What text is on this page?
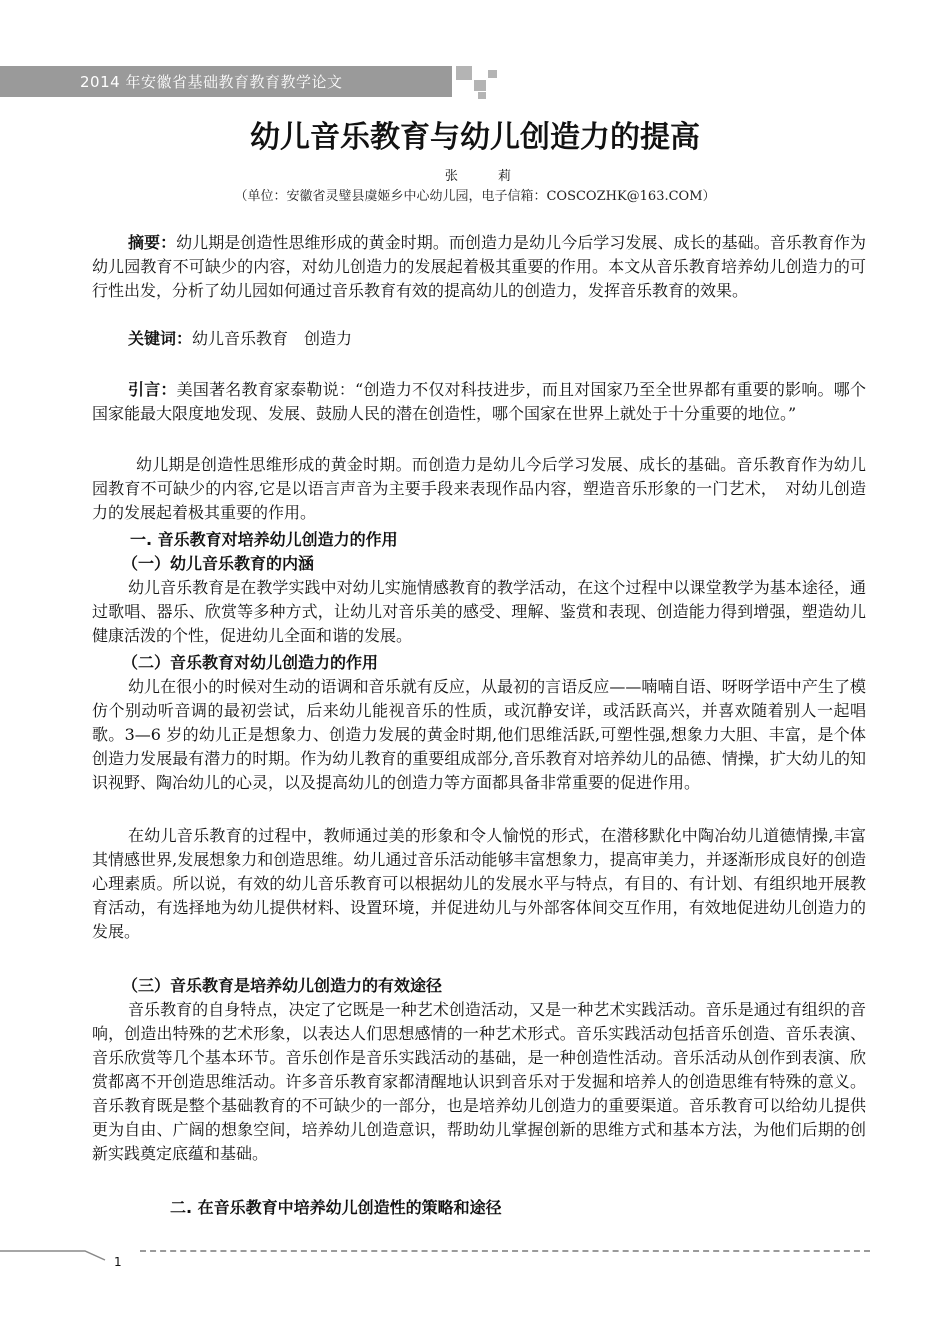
2014 年安徽省基础教育教育教学论文
幼儿音乐教育与幼儿创造力的提高
张 莉
（单位：安徽省灵璧县虞姬乡中心幼儿园，电子信箱：COSCOZHK@163.COM）
摘要：幼儿期是创造性思维形成的黄金时期。而创造力是幼儿今后学习发展、成长的基础。音乐教育作为幼儿园教育不可缺少的内容，对幼儿创造力的发展起着极其重要的作用。本文从音乐教育培养幼儿创造力的可行性出发，分析了幼儿园如何通过音乐教育有效的提高幼儿的创造力，发挥音乐教育的效果。
关键词：幼儿音乐教育　创造力
引言：美国著名教育家泰勒说：“创造力不仅对科技进步，而且对国家乃至全世界都有重要的影响。哪个国家能最大限度地发现、发展、鼓励人民的潜在创造性，哪个国家在世界上就处于十分重要的地位。”
幼儿期是创造性思维形成的黄金时期。而创造力是幼儿今后学习发展、成长的基础。音乐教育作为幼儿园教育不可缺少的内容,它是以语言声音为主要手段来表现作品内容，塑造音乐形象的一门艺术，　对幼儿创造力的发展起着极其重要的作用。
一. 音乐教育对培养幼儿创造力的作用
（一）幼儿音乐教育的内涵
幼儿音乐教育是在教学实践中对幼儿实施情感教育的教学活动，在这个过程中以课堂教学为基本途径，通过歌唱、器乐、欣赏等多种方式，让幼儿对音乐美的感受、理解、鉴赏和表现、创造能力得到增强，塑造幼儿健康活泼的个性，促进幼儿全面和谐的发展。
（二）音乐教育对幼儿创造力的作用
幼儿在很小的时候对生动的语调和音乐就有反应，从最初的言语反应——喃喃自语、呀呀学语中产生了模仿个别动听音调的最初尝试，后来幼儿能视音乐的性质，或沉静安详，或活跃高兴，并喜欢随着别人一起唱歌。3—6 岁的幼儿正是想象力、创造力发展的黄金时期,他们思维活跃,可塑性强,想象力大胆、丰富，是个体创造力发展最有潜力的时期。作为幼儿教育的重要组成部分,音乐教育对培养幼儿的品德、情操，扩大幼儿的知识视野、陶冶幼儿的心灵，以及提高幼儿的创造力等方面都具备非常重要的促进作用。
在幼儿音乐教育的过程中，教师通过美的形象和令人愉悦的形式，在潜移默化中陶冶幼儿道德情操,丰富其情感世界,发展想象力和创造思维。幼儿通过音乐活动能够丰富想象力，提高审美力，并逐渐形成良好的创造心理素质。所以说，有效的幼儿音乐教育可以根据幼儿的发展水平与特点，有目的、有计划、有组织地开展教育活动，有选择地为幼儿提供材料、设置环境，并促进幼儿与外部客体间交互作用，有效地促进幼儿创造力的发展。
（三）音乐教育是培养幼儿创造力的有效途径
音乐教育的自身特点，决定了它既是一种艺术创造活动，又是一种艺术实践活动。音乐是通过有组织的音响，创造出特殊的艺术形象，以表达人们思想感情的一种艺术形式。音乐实践活动包括音乐创造、音乐表演、音乐欣赏等几个基本环节。音乐创作是音乐实践活动的基础，是一种创造性活动。音乐活动从创作到表演、欣赏都离不开创造思维活动。许多音乐教育家都清醒地认识到音乐对于发掘和培养人的创造思维有特殊的意义。音乐教育既是整个基础教育的不可缺少的一部分，也是培养幼儿创造力的重要渠道。音乐教育可以给幼儿提供更为自由、广阔的想象空间，培养幼儿创造意识，帮助幼儿掌握创新的思维方式和基本方法，为他们后期的创新实践奠定底蕴和基础。
二. 在音乐教育中培养幼儿创造性的策略和途径
1
